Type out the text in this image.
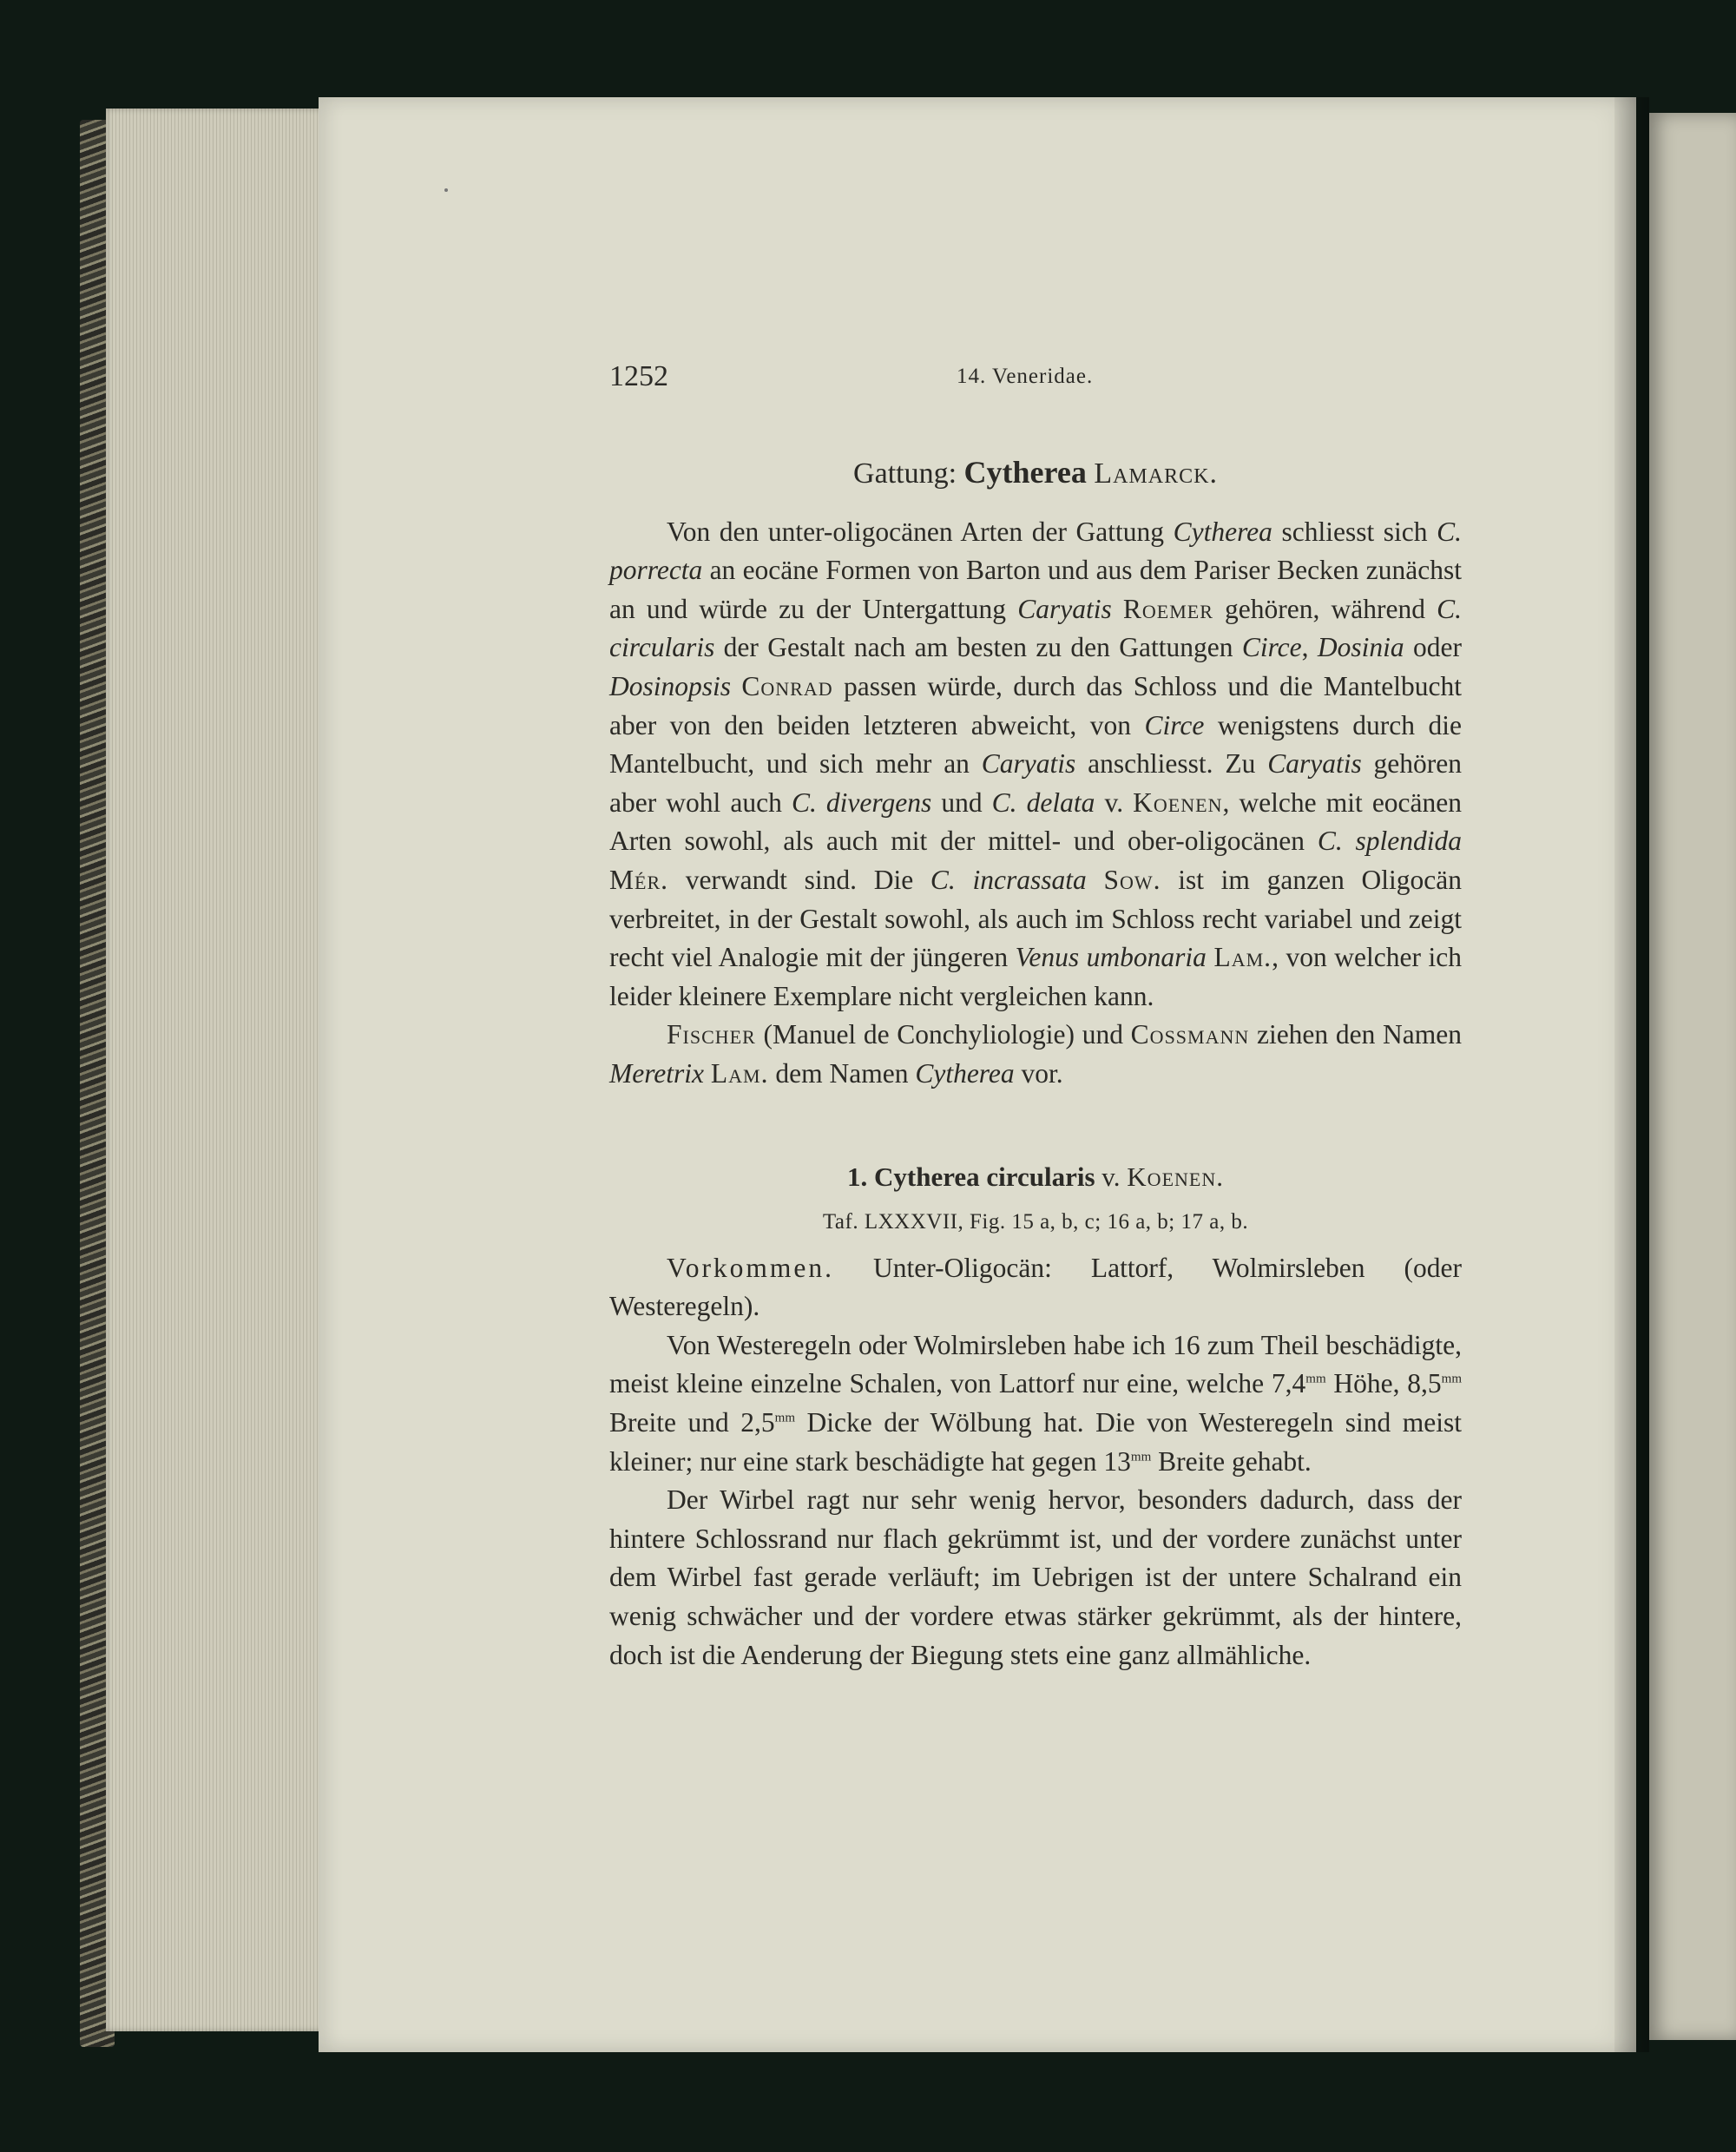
1252	14. Veneridae.
Gattung: Cytherea Lamarck.

Von den unter-oligocänen Arten der Gattung Cytherea schliesst sich C. porrecta an eocäne Formen von Barton und aus dem Pariser Becken zunächst an und würde zu der Untergattung Caryatis Roemer gehören, während C. circularis der Gestalt nach am besten zu den Gattungen Circe, Dosinia oder Dosinopsis Conrad passen würde, durch das Schloss und die Mantelbucht aber von den beiden letzteren abweicht, von Circe wenigstens durch die Mantelbucht, und sich mehr an Caryatis anschliesst. Zu Caryatis gehören aber wohl auch C. divergens und C. delata v. Koenen, welche mit eocänen Arten sowohl, als auch mit der mittel- und ober-oligocänen C. splendida Mér. verwandt sind. Die C. incrassata Sow. ist im ganzen Oligocän verbreitet, in der Gestalt sowohl, als auch im Schloss recht variabel und zeigt recht viel Analogie mit der jüngeren Venus umbonaria Lam., von welcher ich leider kleinere Exemplare nicht vergleichen kann.

Fischer (Manuel de Conchyliologie) und Cossmann ziehen den Namen Meretrix Lam. dem Namen Cytherea vor.

1. Cytherea circularis v. Koenen.
Taf. LXXXVII, Fig. 15 a, b, c; 16 a, b; 17 a, b.

Vorkommen. Unter-Oligocän: Lattorf, Wolmirsleben (oder Westeregeln).

Von Westeregeln oder Wolmirsleben habe ich 16 zum Theil beschädigte, meist kleine einzelne Schalen, von Lattorf nur eine, welche $7,4^{mm}$ Höhe, $8,5^{mm}$ Breite und $2,5^{mm}$ Dicke der Wölbung hat. Die von Westeregeln sind meist kleiner; nur eine stark beschädigte hat gegen $13^{mm}$ Breite gehabt.

Der Wirbel ragt nur sehr wenig hervor, besonders dadurch, dass der hintere Schlossrand nur flach gekrümmt ist, und der vordere zunächst unter dem Wirbel fast gerade verläuft; im Uebrigen ist der untere Schalrand ein wenig schwächer und der vordere etwas stärker gekrümmt, als der hintere, doch ist die Aenderung der Biegung stets eine ganz allmähliche.
